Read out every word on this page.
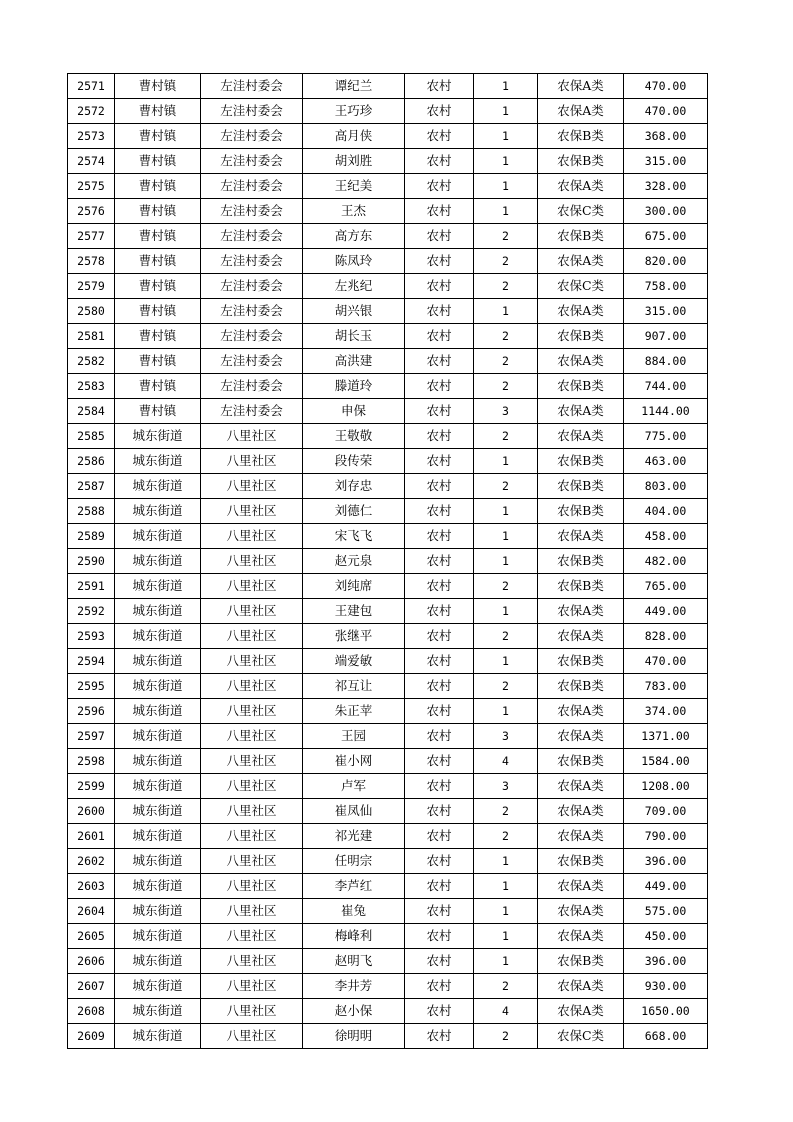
2571	曹村镇	左洼村委会	谭纪兰	农村	1	农保A类	470.00
2572	曹村镇	左洼村委会	王巧珍	农村	1	农保A类	470.00
2573	曹村镇	左洼村委会	高月侠	农村	1	农保B类	368.00
2574	曹村镇	左洼村委会	胡刘胜	农村	1	农保B类	315.00
2575	曹村镇	左洼村委会	王纪美	农村	1	农保A类	328.00
2576	曹村镇	左洼村委会	王杰	农村	1	农保C类	300.00
2577	曹村镇	左洼村委会	高方东	农村	2	农保B类	675.00
2578	曹村镇	左洼村委会	陈凤玲	农村	2	农保A类	820.00
2579	曹村镇	左洼村委会	左兆纪	农村	2	农保C类	758.00
2580	曹村镇	左洼村委会	胡兴银	农村	1	农保A类	315.00
2581	曹村镇	左洼村委会	胡长玉	农村	2	农保B类	907.00
2582	曹村镇	左洼村委会	高洪建	农村	2	农保A类	884.00
2583	曹村镇	左洼村委会	滕道玲	农村	2	农保B类	744.00
2584	曹村镇	左洼村委会	申保	农村	3	农保A类	1144.00
2585	城东街道	八里社区	王敬敬	农村	2	农保A类	775.00
2586	城东街道	八里社区	段传荣	农村	1	农保B类	463.00
2587	城东街道	八里社区	刘存忠	农村	2	农保B类	803.00
2588	城东街道	八里社区	刘德仁	农村	1	农保B类	404.00
2589	城东街道	八里社区	宋飞飞	农村	1	农保A类	458.00
2590	城东街道	八里社区	赵元泉	农村	1	农保B类	482.00
2591	城东街道	八里社区	刘纯席	农村	2	农保B类	765.00
2592	城东街道	八里社区	王建包	农村	1	农保A类	449.00
2593	城东街道	八里社区	张继平	农村	2	农保A类	828.00
2594	城东街道	八里社区	端爱敏	农村	1	农保B类	470.00
2595	城东街道	八里社区	祁互让	农村	2	农保B类	783.00
2596	城东街道	八里社区	朱正苹	农村	1	农保A类	374.00
2597	城东街道	八里社区	王园	农村	3	农保A类	1371.00
2598	城东街道	八里社区	崔小网	农村	4	农保B类	1584.00
2599	城东街道	八里社区	卢军	农村	3	农保A类	1208.00
2600	城东街道	八里社区	崔凤仙	农村	2	农保A类	709.00
2601	城东街道	八里社区	祁光建	农村	2	农保A类	790.00
2602	城东街道	八里社区	任明宗	农村	1	农保B类	396.00
2603	城东街道	八里社区	李芦红	农村	1	农保A类	449.00
2604	城东街道	八里社区	崔兔	农村	1	农保A类	575.00
2605	城东街道	八里社区	梅峰利	农村	1	农保A类	450.00
2606	城东街道	八里社区	赵明飞	农村	1	农保B类	396.00
2607	城东街道	八里社区	李井芳	农村	2	农保A类	930.00
2608	城东街道	八里社区	赵小保	农村	4	农保A类	1650.00
2609	城东街道	八里社区	徐明明	农村	2	农保C类	668.00
